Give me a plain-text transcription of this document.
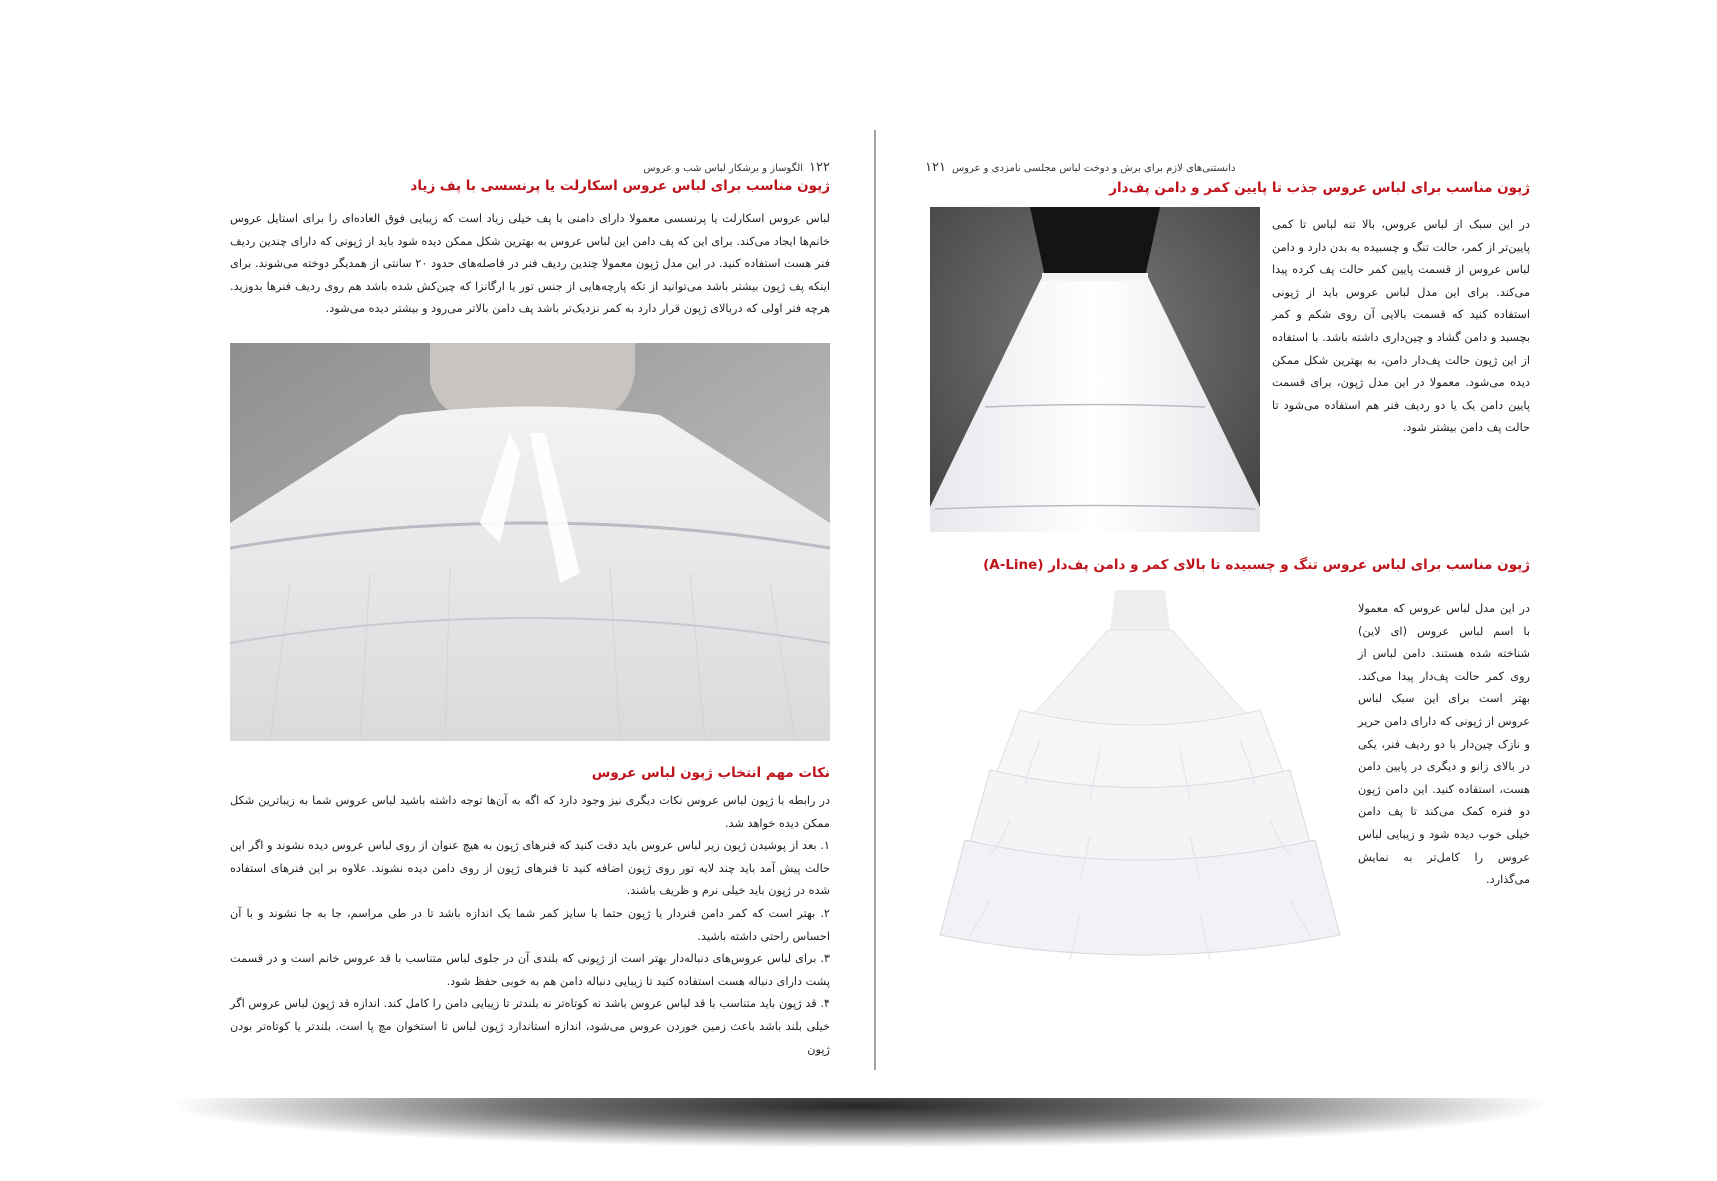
الگوساز و برشکار لباس شب و عروس ۱۲۲
ژپون مناسب برای لباس عروس اسکارلت یا پرنسسی با پف زیاد

لباس عروس اسکارلت یا پرنسسی معمولا دارای دامنی با پف خیلی زیاد است که زیبایی فوق العاده‌ای را برای استایل عروس خانم‌ها ایجاد می‌کند. برای این که پف دامن این لباس عروس به بهترین شکل ممکن دیده شود باید از ژپونی که دارای چندین ردیف فنر هست استفاده کنید. در این مدل ژپون معمولا چندین ردیف فنر در فاصله‌های حدود ۲۰ سانتی از همدیگر دوخته می‌شوند. برای اینکه پف ژپون بیشتر باشد می‌توانید از تکه پارچه‌هایی از جنس تور یا ارگانزا که چین‌کش شده باشد هم روی ردیف فنرها بدوزید. هرچه فنر اولی که دربالای ژپون قرار دارد به کمر نزدیک‌تر باشد پف دامن بالاتر می‌رود و بیشتر دیده می‌شود.

نکات مهم انتخاب ژپون لباس عروس

در رابطه با ژپون لباس عروس نکات دیگری نیز وجود دارد که اگه به آن‌ها توجه داشته باشید لباس عروس شما به زیباترین شکل ممکن دیده خواهد شد.

۱. بعد از پوشیدن ژپون زیر لباس عروس باید دقت کنید که فنرهای ژپون به هیچ عنوان از روی لباس عروس دیده نشوند و اگر این حالت پیش آمد باید چند لایه تور روی ژپون اضافه کنید تا فنرهای ژپون از روی دامن دیده نشوند. علاوه بر این فنرهای استفاده شده در ژپون باید خیلی نرم و ظریف باشند.

۲. بهتر است که کمر دامن فنردار یا ژپون حتما با سایز کمر شما یک اندازه باشد تا در طی مراسم، جا به جا نشوند و با آن احساس راحتی داشته باشید.

۳. برای لباس عروس‌های دنباله‌دار بهتر است از ژپونی که بلندی آن در جلوی لباس متناسب با قد عروس خانم است و در قسمت پشت دارای دنباله هست استفاده کنید تا زیبایی دنباله دامن هم به خوبی حفظ شود.

۴. قد ژپون باید متناسب با قد لباس عروس باشد نه کوتاه‌تر نه بلندتر تا زیبایی دامن را کامل کند. اندازه قد ژپون لباس عروس اگر خیلی بلند باشد باعث زمین خوردن عروس می‌شود، اندازه استاندارد ژپون لباس تا استخوان مچ پا است. بلندتر یا کوتاه‌تر بودن ژپون

۱۲۱ دانستنی‌های لازم برای برش و دوخت لباس مجلسی نامزدی و عروس
ژپون مناسب برای لباس عروس جذب تا پایین کمر و دامن پف‌دار

در این سبک از لباس عروس، بالا تنه لباس تا کمی پایین‌تر از کمر، حالت تنگ و چسبیده به بدن دارد و دامن لباس عروس از قسمت پایین کمر حالت پف کرده پیدا می‌کند. برای این مدل لباس عروس باید از ژپونی استفاده کنید که قسمت بالایی آن روی شکم و کمر بچسبد و دامن گشاد و چین‌داری داشته باشد. با استفاده از این ژپون حالت پف‌دار دامن، به بهترین شکل ممکن دیده می‌شود. معمولا در این مدل ژپون، برای قسمت پایین دامن یک یا دو ردیف فنر هم استفاده می‌شود تا حالت پف دامن بیشتر شود.

ژپون مناسب برای لباس عروس تنگ و چسبیده تا بالای کمر و دامن پف‌دار (A-Line)

در این مدل لباس عروس که معمولا با اسم لباس عروس (ای لاین) شناخته شده هستند. دامن لباس از روی کمر حالت پف‌دار پیدا می‌کند. بهتر است برای این سبک لباس عروس از ژپونی که دارای دامن حریر و نازک چین‌دار با دو ردیف فنر، یکی در بالای زانو و دیگری در پایین دامن هست، استفاده کنید. این دامن ژپون دو فنره کمک می‌کند تا پف دامن خیلی خوب دیده شود و زیبایی لباس عروس را کامل‌تر به نمایش می‌گذارد.
